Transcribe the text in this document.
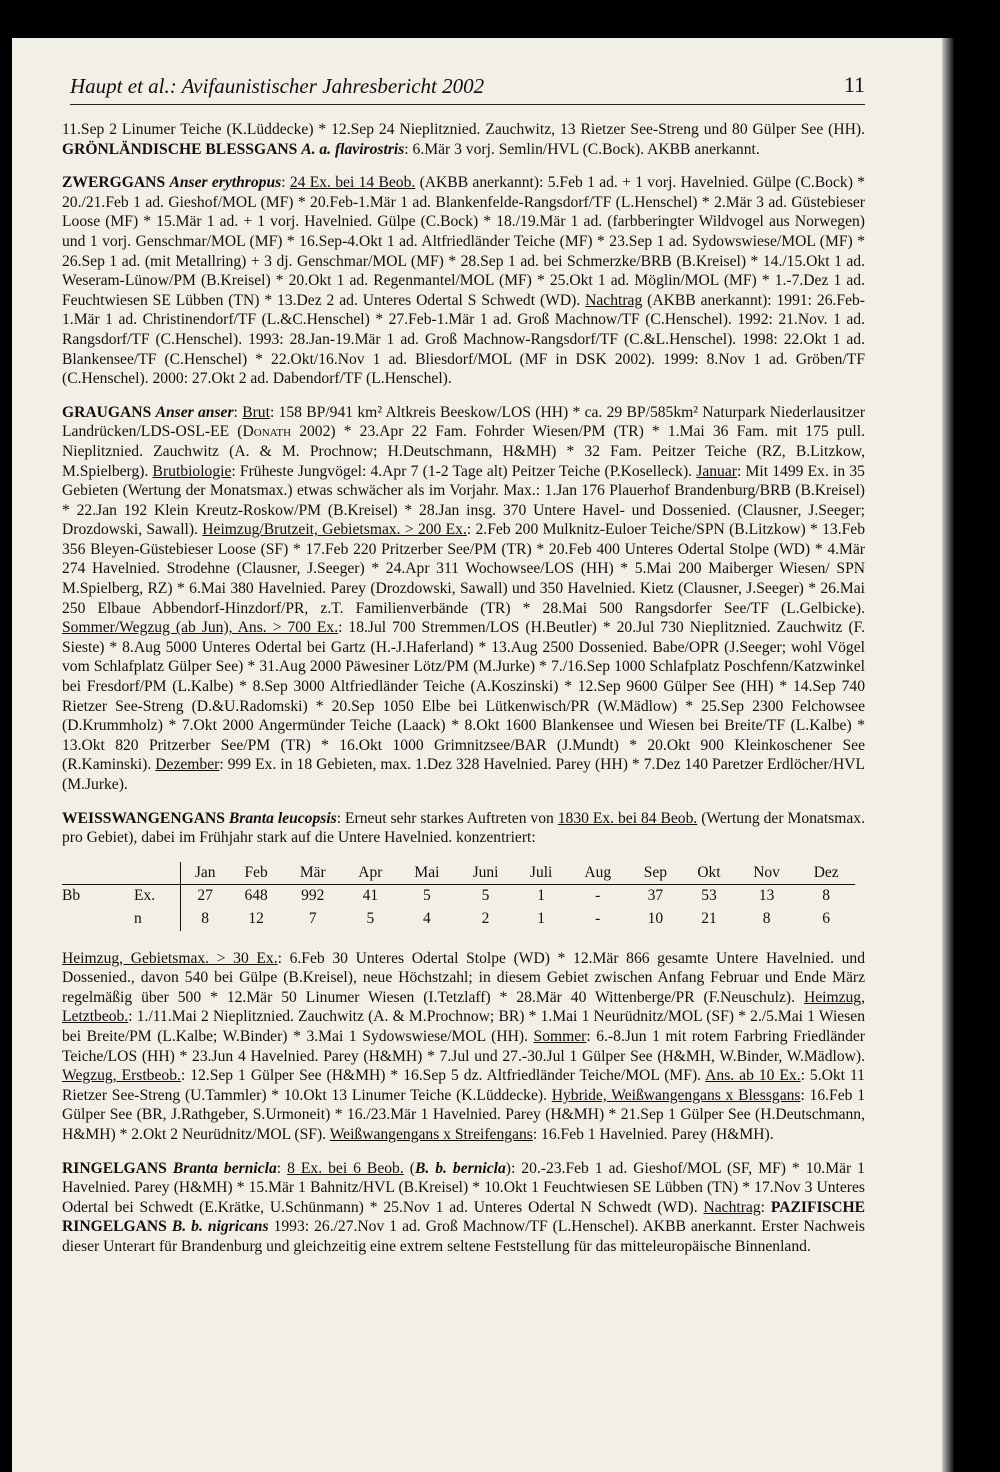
Haupt et al.: Avifaunistischer Jahresbericht 2002	11

11.Sep 2 Linumer Teiche (K.Lüddecke) * 12.Sep 24 Nieplitznied. Zauchwitz, 13 Rietzer See-Streng und 80 Gülper See (HH). GRÖNLÄNDISCHE BLESSGANS A. a. flavirostris: 6.Mär 3 vorj. Semlin/HVL (C.Bock). AKBB anerkannt.

ZWERGGANS Anser erythropus: 24 Ex. bei 14 Beob. (AKBB anerkannt): 5.Feb 1 ad. + 1 vorj. Havelnied. Gülpe (C.Bock) * 20./21.Feb 1 ad. Gieshof/MOL (MF) * 20.Feb-1.Mär 1 ad. Blankenfelde-Rangsdorf/TF (L.Henschel) * 2.Mär 3 ad. Güstebieser Loose (MF) * 15.Mär 1 ad. + 1 vorj. Havelnied. Gülpe (C.Bock) * 18./19.Mär 1 ad. (farbberingter Wildvogel aus Norwegen) und 1 vorj. Genschmar/MOL (MF) * 16.Sep-4.Okt 1 ad. Altfriedländer Teiche (MF) * 23.Sep 1 ad. Sydowswiese/MOL (MF) * 26.Sep 1 ad. (mit Metallring) + 3 dj. Genschmar/MOL (MF) * 28.Sep 1 ad. bei Schmerzke/BRB (B.Kreisel) * 14./15.Okt 1 ad. Weseram-Lünow/PM (B.Kreisel) * 20.Okt 1 ad. Regenmantel/MOL (MF) * 25.Okt 1 ad. Möglin/MOL (MF) * 1.-7.Dez 1 ad. Feuchtwiesen SE Lübben (TN) * 13.Dez 2 ad. Unteres Odertal S Schwedt (WD). Nachtrag (AKBB anerkannt): 1991: 26.Feb-1.Mär 1 ad. Christinendorf/TF (L.&C.Henschel) * 27.Feb-1.Mär 1 ad. Groß Machnow/TF (C.Henschel). 1992: 21.Nov. 1 ad. Rangsdorf/TF (C.Henschel). 1993: 28.Jan-19.Mär 1 ad. Groß Machnow-Rangsdorf/TF (C.&L.Henschel). 1998: 22.Okt 1 ad. Blankensee/TF (C.Henschel) * 22.Okt/16.Nov 1 ad. Bliesdorf/MOL (MF in DSK 2002). 1999: 8.Nov 1 ad. Gröben/TF (C.Henschel). 2000: 27.Okt 2 ad. Dabendorf/TF (L.Henschel).

GRAUGANS Anser anser: Brut: 158 BP/941 km² Altkreis Beeskow/LOS (HH) * ca. 29 BP/585km² Naturpark Niederlausitzer Landrücken/LDS-OSL-EE (Donath 2002) * 23.Apr 22 Fam. Fohrder Wiesen/PM (TR) * 1.Mai 36 Fam. mit 175 pull. Nieplitznied. Zauchwitz (A. & M. Prochnow; H.Deutschmann, H&MH) * 32 Fam. Peitzer Teiche (RZ, B.Litzkow, M.Spielberg). Brutbiologie: Früheste Jungvögel: 4.Apr 7 (1-2 Tage alt) Peitzer Teiche (P.Koselleck). Januar: Mit 1499 Ex. in 35 Gebieten (Wertung der Monatsmax.) etwas schwächer als im Vorjahr. Max.: 1.Jan 176 Plauerhof Brandenburg/BRB (B.Kreisel) * 22.Jan 192 Klein Kreutz-Roskow/PM (B.Kreisel) * 28.Jan insg. 370 Untere Havel- und Dossenied. (Clausner, J.Seeger; Drozdowski, Sawall). Heimzug/Brutzeit, Gebietsmax. > 200 Ex.: 2.Feb 200 Mulknitz-Euloer Teiche/SPN (B.Litzkow) * 13.Feb 356 Bleyen-Güstebieser Loose (SF) * 17.Feb 220 Pritzerber See/PM (TR) * 20.Feb 400 Unteres Odertal Stolpe (WD) * 4.Mär 274 Havelnied. Strodehne (Clausner, J.Seeger) * 24.Apr 311 Wochowsee/LOS (HH) * 5.Mai 200 Maiberger Wiesen/ SPN M.Spielberg, RZ) * 6.Mai 380 Havelnied. Parey (Drozdowski, Sawall) und 350 Havelnied. Kietz (Clausner, J.Seeger) * 26.Mai 250 Elbaue Abbendorf-Hinzdorf/PR, z.T. Familienverbände (TR) * 28.Mai 500 Rangsdorfer See/TF (L.Gelbicke). Sommer/Wegzug (ab Jun), Ans. > 700 Ex.: 18.Jul 700 Stremmen/LOS (H.Beutler) * 20.Jul 730 Nieplitznied. Zauchwitz (F. Sieste) * 8.Aug 5000 Unteres Odertal bei Gartz (H.-J.Haferland) * 13.Aug 2500 Dossenied. Babe/OPR (J.Seeger; wohl Vögel vom Schlafplatz Gülper See) * 31.Aug 2000 Päwesiner Lötz/PM (M.Jurke) * 7./16.Sep 1000 Schlafplatz Poschfenn/Katzwinkel bei Fresdorf/PM (L.Kalbe) * 8.Sep 3000 Altfriedländer Teiche (A.Koszinski) * 12.Sep 9600 Gülper See (HH) * 14.Sep 740 Rietzer See-Streng (D.&U.Radomski) * 20.Sep 1050 Elbe bei Lütkenwisch/PR (W.Mädlow) * 25.Sep 2300 Felchowsee (D.Krummholz) * 7.Okt 2000 Angermünder Teiche (Laack) * 8.Okt 1600 Blankensee und Wiesen bei Breite/TF (L.Kalbe) * 13.Okt 820 Pritzerber See/PM (TR) * 16.Okt 1000 Grimnitzsee/BAR (J.Mundt) * 20.Okt 900 Kleinkoschener See (R.Kaminski). Dezember: 999 Ex. in 18 Gebieten, max. 1.Dez 328 Havelnied. Parey (HH) * 7.Dez 140 Paretzer Erdlöcher/HVL (M.Jurke).

WEISSWANGENGANS Branta leucopsis: Erneut sehr starkes Auftreten von 1830 Ex. bei 84 Beob. (Wertung der Monatsmax. pro Gebiet), dabei im Frühjahr stark auf die Untere Havelnied. konzentriert:

		Jan	Feb	Mär	Apr	Mai	Juni	Juli	Aug	Sep	Okt	Nov	Dez
Bb	Ex.	27	648	992	41	5	5	1	-	37	53	13	8
	n	8	12	7	5	4	2	1	-	10	21	8	6

Heimzug, Gebietsmax. > 30 Ex.: 6.Feb 30 Unteres Odertal Stolpe (WD) * 12.Mär 866 gesamte Untere Havelnied. und Dossenied., davon 540 bei Gülpe (B.Kreisel), neue Höchstzahl; in diesem Gebiet zwischen Anfang Februar und Ende März regelmäßig über 500 * 12.Mär 50 Linumer Wiesen (I.Tetzlaff) * 28.Mär 40 Wittenberge/PR (F.Neuschulz). Heimzug, Letztbeob.: 1./11.Mai 2 Nieplitznied. Zauchwitz (A. & M.Prochnow; BR) * 1.Mai 1 Neurüdnitz/MOL (SF) * 2./5.Mai 1 Wiesen bei Breite/PM (L.Kalbe; W.Binder) * 3.Mai 1 Sydowswiese/MOL (HH). Sommer: 6.-8.Jun 1 mit rotem Farbring Friedländer Teiche/LOS (HH) * 23.Jun 4 Havelnied. Parey (H&MH) * 7.Jul und 27.-30.Jul 1 Gülper See (H&MH, W.Binder, W.Mädlow). Wegzug, Erstbeob.: 12.Sep 1 Gülper See (H&MH) * 16.Sep 5 dz. Altfriedländer Teiche/MOL (MF). Ans. ab 10 Ex.: 5.Okt 11 Rietzer See-Streng (U.Tammler) * 10.Okt 13 Linumer Teiche (K.Lüddecke). Hybride, Weißwangengans x Blessgans: 16.Feb 1 Gülper See (BR, J.Rathgeber, S.Urmoneit) * 16./23.Mär 1 Havelnied. Parey (H&MH) * 21.Sep 1 Gülper See (H.Deutschmann, H&MH) * 2.Okt 2 Neurüdnitz/MOL (SF). Weißwangengans x Streifengans: 16.Feb 1 Havelnied. Parey (H&MH).

RINGELGANS Branta bernicla: 8 Ex. bei 6 Beob. (B. b. bernicla): 20.-23.Feb 1 ad. Gieshof/MOL (SF, MF) * 10.Mär 1 Havelnied. Parey (H&MH) * 15.Mär 1 Bahnitz/HVL (B.Kreisel) * 10.Okt 1 Feuchtwiesen SE Lübben (TN) * 17.Nov 3 Unteres Odertal bei Schwedt (E.Krätke, U.Schünmann) * 25.Nov 1 ad. Unteres Odertal N Schwedt (WD). Nachtrag: PAZIFISCHE RINGELGANS B. b. nigricans 1993: 26./27.Nov 1 ad. Groß Machnow/TF (L.Henschel). AKBB anerkannt. Erster Nachweis dieser Unterart für Brandenburg und gleichzeitig eine extrem seltene Feststellung für das mitteleuropäische Binnenland.
